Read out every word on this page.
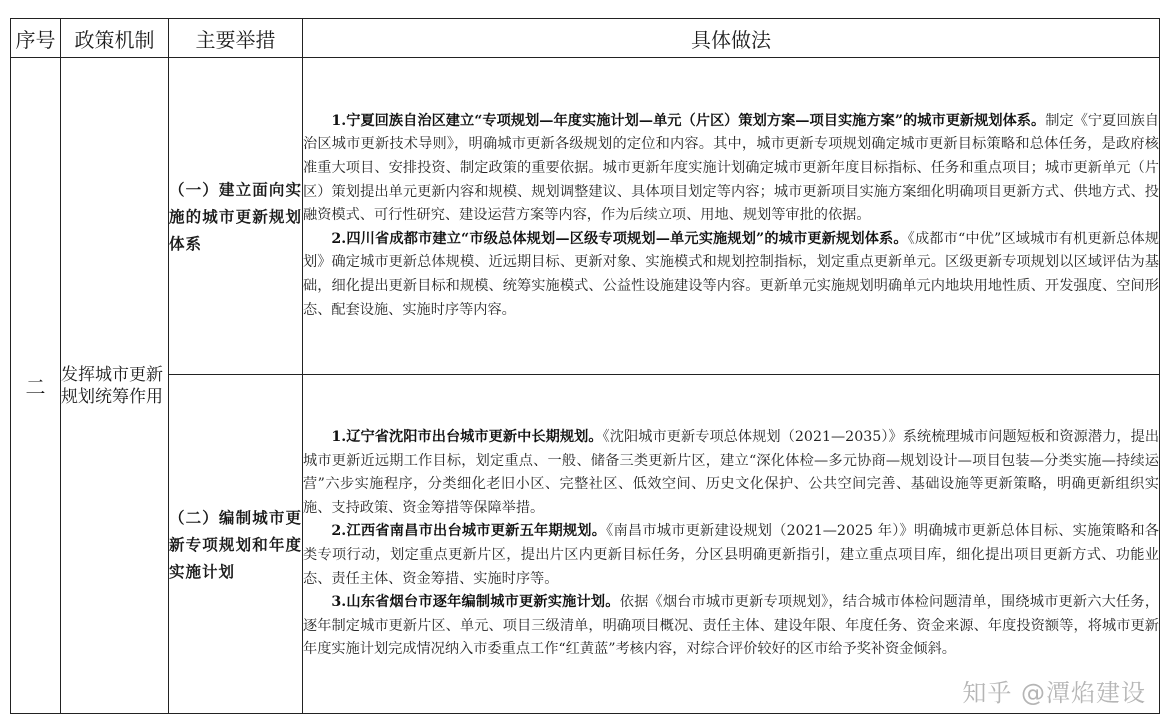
序号	政策机制	主要举措	具体做法
二	发挥城市更新规划统筹作用	（一）建立面向实施的城市更新规划体系	1.宁夏回族自治区建立“专项规划—年度实施计划—单元（片区）策划方案—项目实施方案”的城市更新规划体系。制定《宁夏回族自治区城市更新技术导则》，明确城市更新各级规划的定位和内容。其中，城市更新专项规划确定城市更新目标策略和总体任务，是政府核准重大项目、安排投资、制定政策的重要依据。城市更新年度实施计划确定城市更新年度目标指标、任务和重点项目；城市更新单元（片区）策划提出单元更新内容和规模、规划调整建议、具体项目划定等内容；城市更新项目实施方案细化明确项目更新方式、供地方式、投融资模式、可行性研究、建设运营方案等内容，作为后续立项、用地、规划等审批的依据。

2.四川省成都市建立“市级总体规划—区级专项规划—单元实施规划”的城市更新规划体系。《成都市“中优”区域城市有机更新总体规划》确定城市更新总体规模、近远期目标、更新对象、实施模式和规划控制指标，划定重点更新单元。区级更新专项规划以区域评估为基础，细化提出更新目标和规模、统筹实施模式、公益性设施建设等内容。更新单元实施规划明确单元内地块用地性质、开发强度、空间形态、配套设施、实施时序等内容。

		（二）编制城市更新专项规划和年度实施计划	1.辽宁省沈阳市出台城市更新中长期规划。《沈阳城市更新专项总体规划（2021—2035）》系统梳理城市问题短板和资源潜力，提出城市更新近远期工作目标，划定重点、一般、储备三类更新片区，建立“深化体检—多元协商—规划设计—项目包装—分类实施—持续运营”六步实施程序，分类细化老旧小区、完整社区、低效空间、历史文化保护、公共空间完善、基础设施等更新策略，明确更新组织实施、支持政策、资金筹措等保障举措。

2.江西省南昌市出台城市更新五年期规划。《南昌市城市更新建设规划（2021—2025 年）》明确城市更新总体目标、实施策略和各类专项行动，划定重点更新片区，提出片区内更新目标任务，分区县明确更新指引，建立重点项目库，细化提出项目更新方式、功能业态、责任主体、资金筹措、实施时序等。

3.山东省烟台市逐年编制城市更新实施计划。依据《烟台市城市更新专项规划》，结合城市体检问题清单，围绕城市更新六大任务，逐年制定城市更新片区、单元、项目三级清单，明确项目概况、责任主体、建设年限、年度任务、资金来源、年度投资额等，将城市更新年度实施计划完成情况纳入市委重点工作“红黄蓝”考核内容，对综合评价较好的区市给予奖补资金倾斜。

知乎 @潭焰建设
